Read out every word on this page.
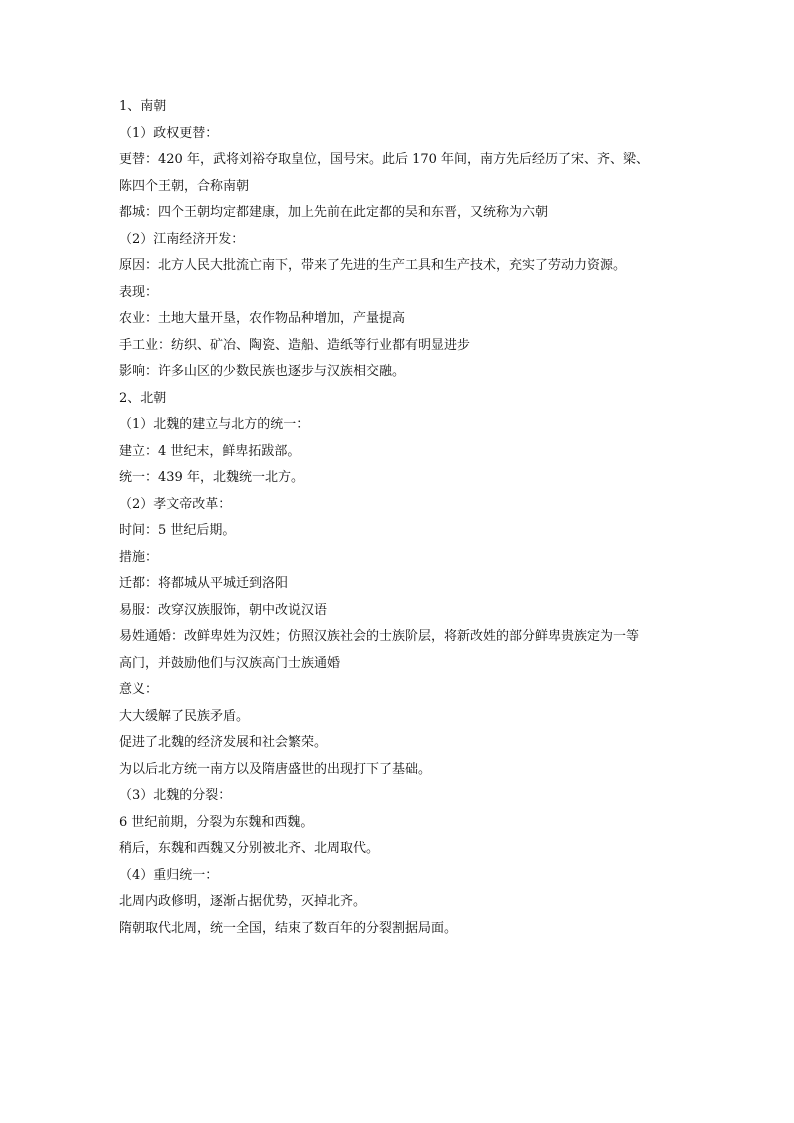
1、南朝
（1）政权更替：
更替：420 年，武将刘裕夺取皇位，国号宋。此后 170 年间，南方先后经历了宋、齐、梁、
陈四个王朝，合称南朝
都城：四个王朝均定都建康，加上先前在此定都的吴和东晋，又统称为六朝
（2）江南经济开发：
原因：北方人民大批流亡南下，带来了先进的生产工具和生产技术，充实了劳动力资源。
表现：
农业：土地大量开垦，农作物品种增加，产量提高
手工业：纺织、矿冶、陶瓷、造船、造纸等行业都有明显进步
影响：许多山区的少数民族也逐步与汉族相交融。
2、北朝
（1）北魏的建立与北方的统一：
建立：4 世纪末，鲜卑拓跋部。
统一：439 年，北魏统一北方。
（2）孝文帝改革：
时间：5 世纪后期。
措施：
迁都：将都城从平城迁到洛阳
易服：改穿汉族服饰，朝中改说汉语
易姓通婚：改鲜卑姓为汉姓；仿照汉族社会的士族阶层，将新改姓的部分鲜卑贵族定为一等
高门，并鼓励他们与汉族高门士族通婚
意义：
大大缓解了民族矛盾。
促进了北魏的经济发展和社会繁荣。
为以后北方统一南方以及隋唐盛世的出现打下了基础。
（3）北魏的分裂：
6 世纪前期，分裂为东魏和西魏。
稍后，东魏和西魏又分别被北齐、北周取代。
（4）重归统一：
北周内政修明，逐渐占据优势，灭掉北齐。
隋朝取代北周，统一全国，结束了数百年的分裂割据局面。
